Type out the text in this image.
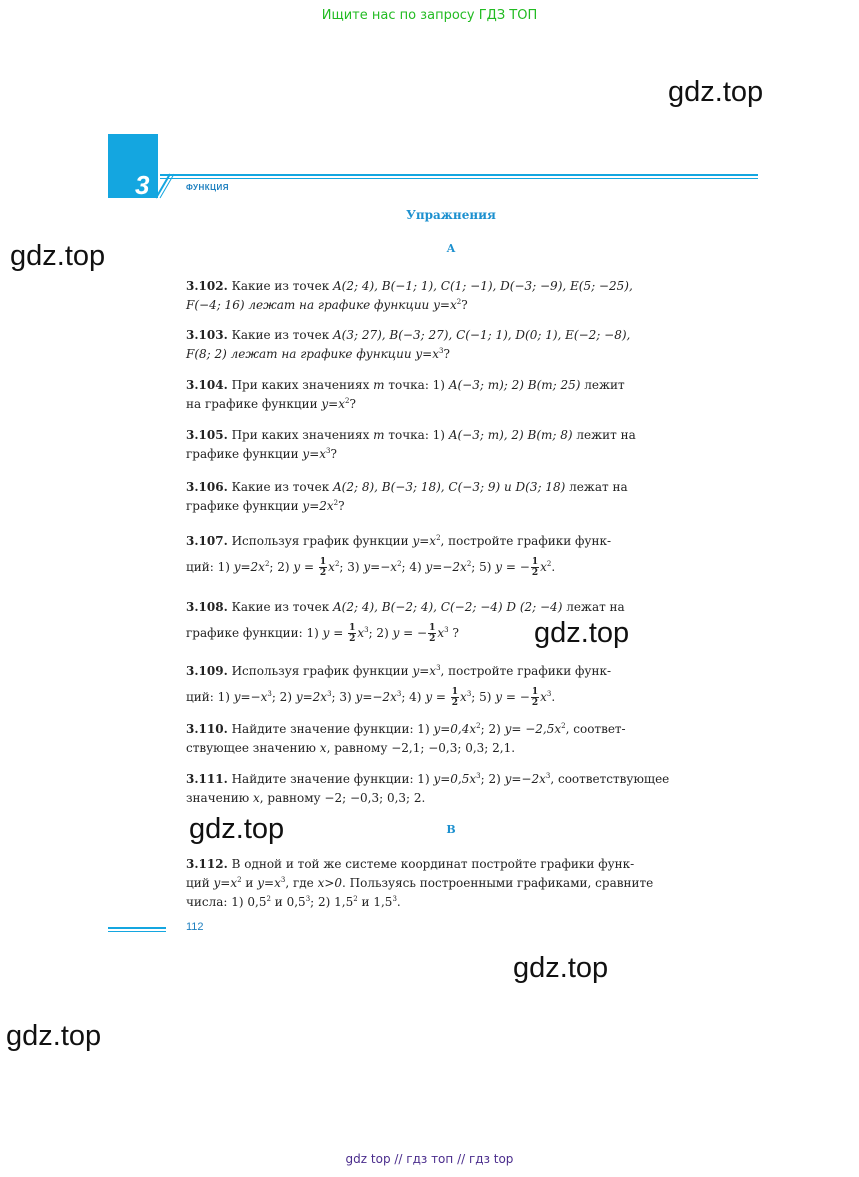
Ищите нас по запросу ГДЗ ТОП
gdz.top
gdz.top
gdz.top
gdz.top
gdz.top
gdz.top
3	ФУНКЦИЯ
Упражнения
А
3.102. Какие из точек A(2; 4), B(−1; 1), C(1; −1), D(−3; −9), E(5; −25),
F(−4; 16) лежат на графике функции $y=x^2$?
3.103. Какие из точек A(3; 27), B(−3; 27), C(−1; 1), D(0; 1), E(−2; −8),
F(8; 2) лежат на графике функции $y=x^3$?
3.104. При каких значениях m точка: 1) A(−3; m); 2) B(m; 25) лежит
на графике функции $y=x^2$?
3.105. При каких значениях m точка: 1) A(−3; m), 2) B(m; 8) лежит на
графике функции $y=x^3$?
3.106. Какие из точек A(2; 8), B(−3; 18), C(−3; 9) и D(3; 18) лежат на
графике функции $y=2x^2$?
3.107. Используя график функции $y=x^2$, постройте графики функ-
ций: 1) $y=2x^2$; 2) $y = \frac{1}{2} x^2$; 3) $y=-x^2$; 4) $y=-2x^2$; 5) y = − $\frac{1}{2} x^2$.
3.108. Какие из точек A(2; 4), B(−2; 4), C(−2; −4) D (2; −4) лежат на
графике функции: 1) $y = \frac{1}{2} x^3$; 2) y = − $\frac{1}{2} x^3$ ?
3.109. Используя график функции $y=x^3$, постройте графики функ-
ций: 1) $y=-x^3$; 2) $y=2x^3$; 3) $y=-2x^3$; 4) $y = \frac{1}{2} x^3$; 5) y = − $\frac{1}{2} x^3$.
3.110. Найдите значение функции: 1) $y=0,4x^2$; 2) $y= -2,5x^2$, соответ-
ствующее значению x, равному −2,1; −0,3; 0,3; 2,1.
3.111. Найдите значение функции: 1) $y=0,5x^3$; 2) $y=-2x^3$, соответствующее
значению x, равному −2; −0,3; 0,3; 2.
В
3.112. В одной и той же системе координат постройте графики функ-
ций $y=x^2$ и $y=x^3$, где x>0. Пользуясь построенными графиками, сравните
числа: 1) $0,5^2$ и $0,5^3$; 2) $1,5^2$ и $1,5^3$.
112
gdz top // гдз топ // гдз top
